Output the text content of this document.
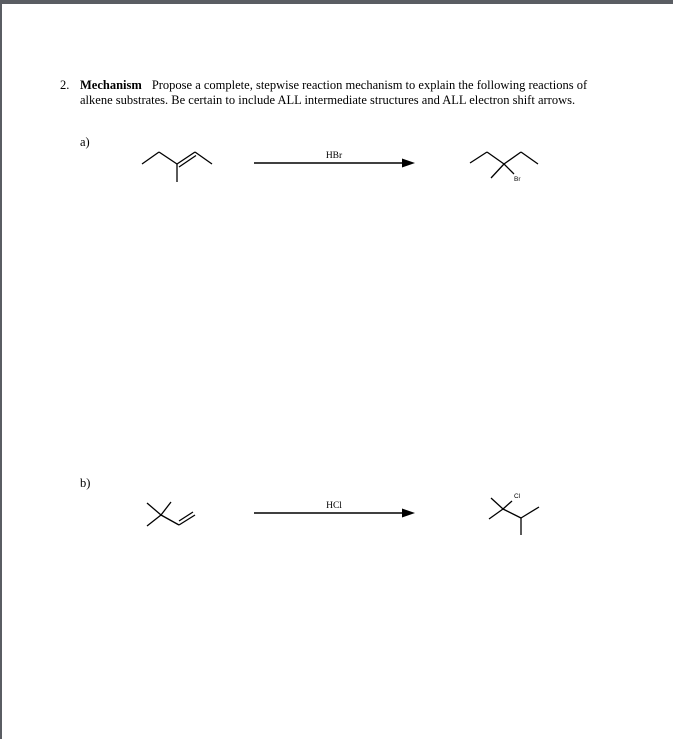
2. Mechanism Propose a complete, stepwise reaction mechanism to explain the following reactions of
alkene substrates. Be certain to include ALL intermediate structures and ALL electron shift arrows.
a)
HBr
Br
HCl
Cl
b)
